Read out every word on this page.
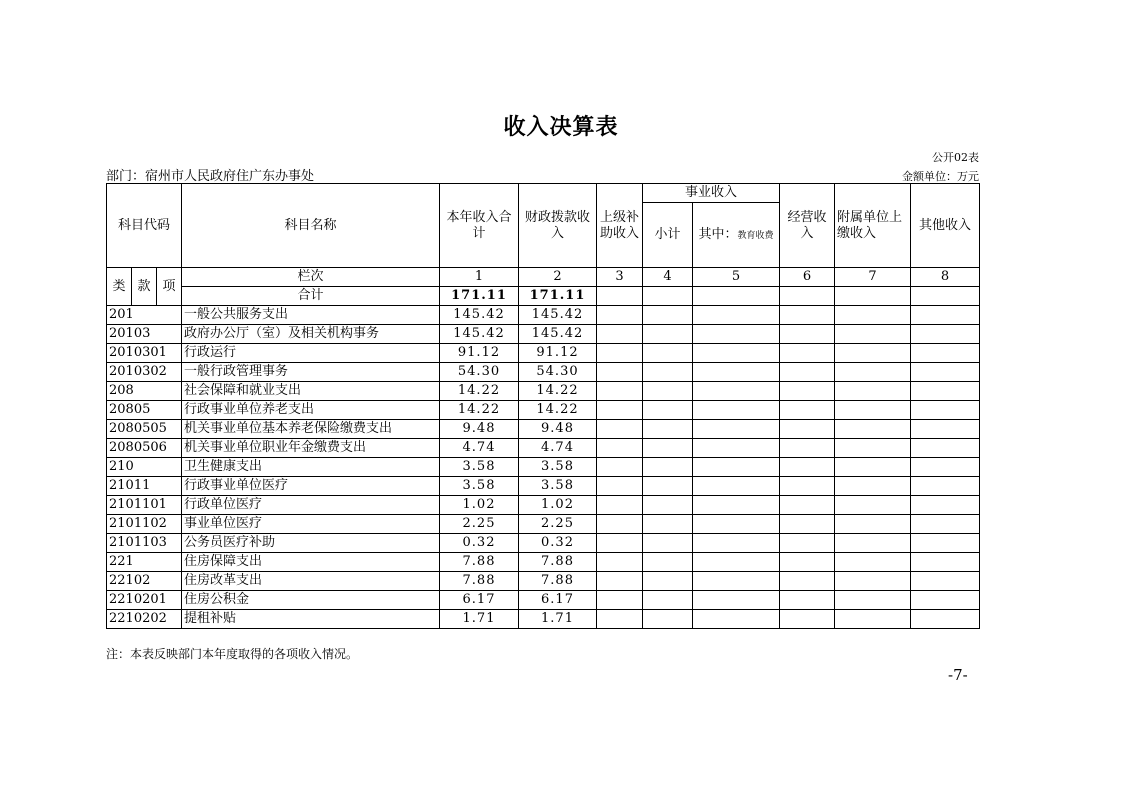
收入决算表
公开02表
部门：宿州市人民政府住广东办事处	金额单位：万元
科目代码			科目名称	本年收入合计	财政拨款收入	上级补助收入	事业收入		经营收入	附属单位上缴收入	其他收入
							小计	其中：教育收费			
类	款	项	栏次	1	2	3	4	5	6	7	8
			合计	171.11	171.11						
201			一般公共服务支出	145.42	145.42						
20103			政府办公厅（室）及相关机构事务	145.42	145.42						
2010301			行政运行	91.12	91.12						
2010302			一般行政管理事务	54.30	54.30						
208			社会保障和就业支出	14.22	14.22						
20805			行政事业单位养老支出	14.22	14.22						
2080505			机关事业单位基本养老保险缴费支出	9.48	9.48						
2080506			机关事业单位职业年金缴费支出	4.74	4.74						
210			卫生健康支出	3.58	3.58						
21011			行政事业单位医疗	3.58	3.58						
2101101			行政单位医疗	1.02	1.02						
2101102			事业单位医疗	2.25	2.25						
2101103			公务员医疗补助	0.32	0.32						
221			住房保障支出	7.88	7.88						
22102			住房改革支出	7.88	7.88						
2210201			住房公积金	6.17	6.17						
2210202			提租补贴	1.71	1.71						
注：本表反映部门本年度取得的各项收入情况。
-7-
